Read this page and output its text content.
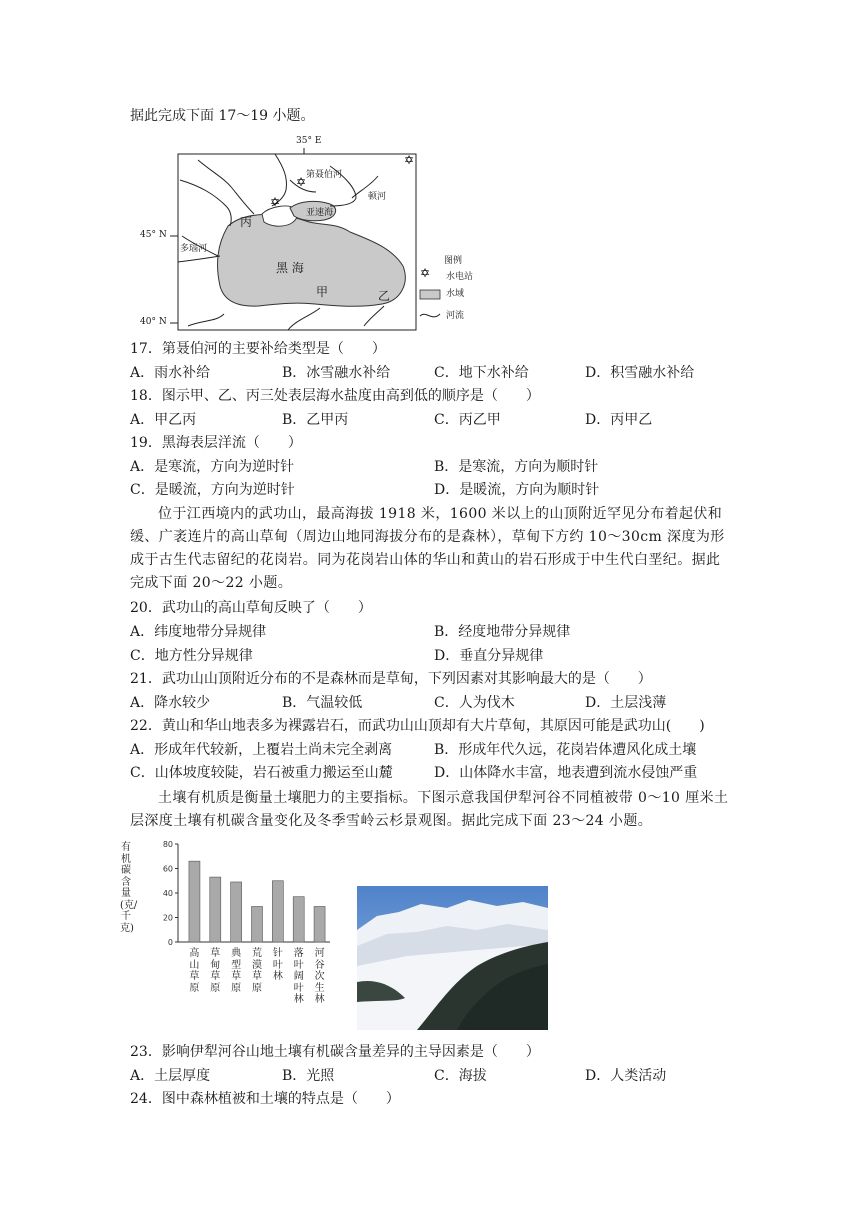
据此完成下面 17～19 小题。
✡
✡
✡
✡
35° E
45° N
40° N
第聂伯河
顿河
亚速海
丙
多瑙河
黑 海
甲	乙
图例
水电站
水域
河流
17．第聂伯河的主要补给类型是（　　）
A．雨水补给	B．冰雪融水补给	C．地下水补给	D．积雪融水补给
18．图示甲、乙、丙三处表层海水盐度由高到低的顺序是（　　）
A．甲乙丙	B．乙甲丙	C．丙乙甲	D．丙甲乙
19．黑海表层洋流（　　）
A．是寒流，方向为逆时针	B．是寒流，方向为顺时针
C．是暖流，方向为逆时针	D．是暖流，方向为顺时针
位于江西境内的武功山，最高海拔 1918 米，1600 米以上的山顶附近罕见分布着起伏和缓、广袤连片的高山草甸（周边山地同海拔分布的是森林），草甸下方约 10～30cm 深度为形成于古生代志留纪的花岗岩。同为花岗岩山体的华山和黄山的岩石形成于中生代白垩纪。据此完成下面 20～22 小题。
20．武功山的高山草甸反映了（　　）
A．纬度地带分异规律	B．经度地带分异规律
C．地方性分异规律	D．垂直分异规律
21．武功山山顶附近分布的不是森林而是草甸，下列因素对其影响最大的是（　　）
A．降水较少	B．气温较低	C．人为伐木	D．土层浅薄
22．黄山和华山地表多为裸露岩石，而武功山山顶却有大片草甸，其原因可能是武功山(　　)
A．形成年代较新，上覆岩土尚未完全剥离	B．形成年代久远，花岗岩体遭风化成土壤
C．山体坡度较陡，岩石被重力搬运至山麓	D．山体降水丰富，地表遭到流水侵蚀严重
土壤有机质是衡量土壤肥力的主要指标。下图示意我国伊犁河谷不同植被带 0～10 厘米土层深度土壤有机碳含量变化及冬季雪岭云杉景观图。据此完成下面 23～24 小题。
有机碳含量(克/千克)
0
20
40
60
80
高山草原
草甸草原
典型草原
荒漠草原
针叶林
落叶阔叶林
河谷次生林
23．影响伊犁河谷山地土壤有机碳含量差异的主导因素是（　　）
A．土层厚度	B．光照	C．海拔	D．人类活动
24．图中森林植被和土壤的特点是（　　）
